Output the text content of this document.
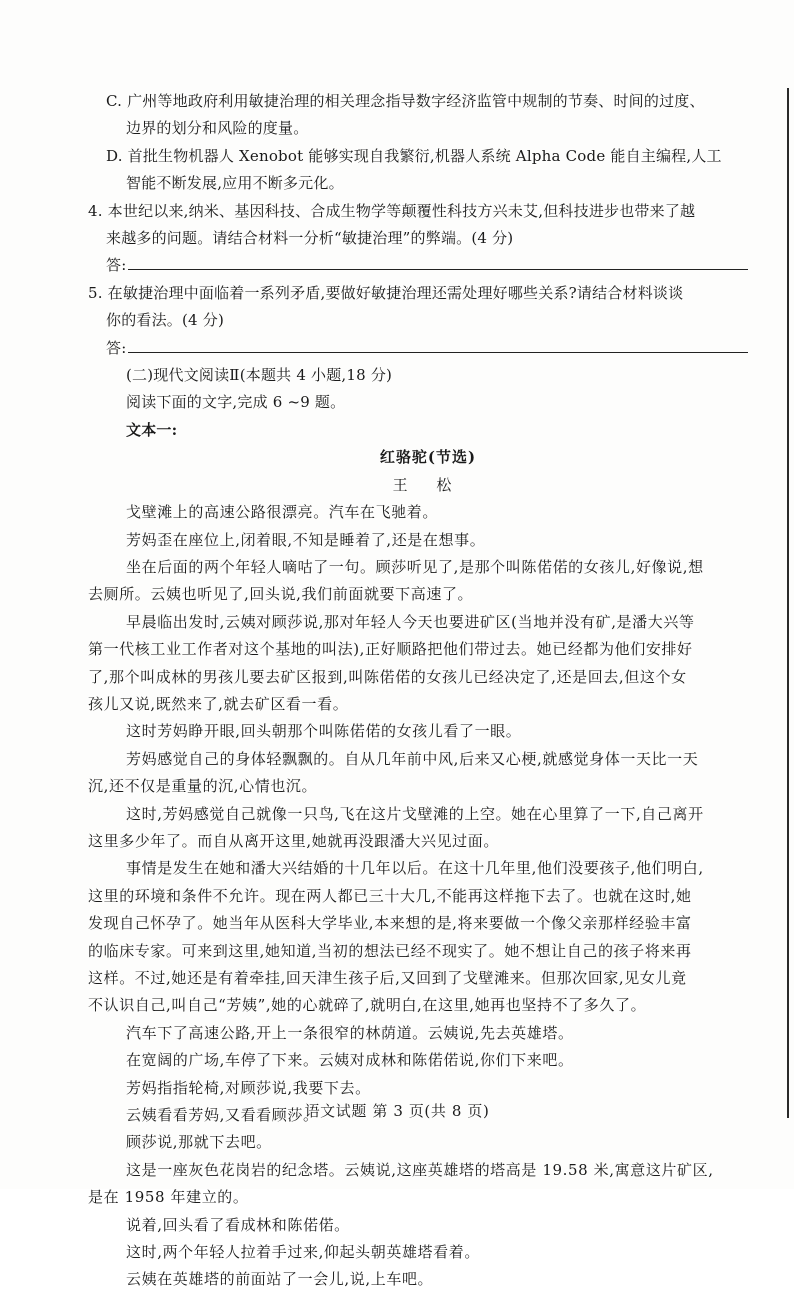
C. 广州等地政府利用敏捷治理的相关理念指导数字经济监管中规制的节奏、时间的过度、
边界的划分和风险的度量。
D. 首批生物机器人 Xenobot 能够实现自我繁衍,机器人系统 Alpha Code 能自主编程,人工
智能不断发展,应用不断多元化。
4. 本世纪以来,纳米、基因科技、合成生物学等颠覆性科技方兴未艾,但科技进步也带来了越
来越多的问题。请结合材料一分析“敏捷治理”的弊端。(4 分)
答:
5. 在敏捷治理中面临着一系列矛盾,要做好敏捷治理还需处理好哪些关系?请结合材料谈谈
你的看法。(4 分)
答:
(二)现代文阅读Ⅱ(本题共 4 小题,18 分)
阅读下面的文字,完成 6 ~9 题。
文本一:
红骆驼(节选)
王 松
戈壁滩上的高速公路很漂亮。汽车在飞驰着。
芳妈歪在座位上,闭着眼,不知是睡着了,还是在想事。
坐在后面的两个年轻人嘀咕了一句。顾莎听见了,是那个叫陈偌偌的女孩儿,好像说,想
去厕所。云姨也听见了,回头说,我们前面就要下高速了。
早晨临出发时,云姨对顾莎说,那对年轻人今天也要进矿区(当地并没有矿,是潘大兴等
第一代核工业工作者对这个基地的叫法),正好顺路把他们带过去。她已经都为他们安排好
了,那个叫成林的男孩儿要去矿区报到,叫陈偌偌的女孩儿已经决定了,还是回去,但这个女
孩儿又说,既然来了,就去矿区看一看。
这时芳妈睁开眼,回头朝那个叫陈偌偌的女孩儿看了一眼。
芳妈感觉自己的身体轻飘飘的。自从几年前中风,后来又心梗,就感觉身体一天比一天
沉,还不仅是重量的沉,心情也沉。
这时,芳妈感觉自己就像一只鸟,飞在这片戈壁滩的上空。她在心里算了一下,自己离开
这里多少年了。而自从离开这里,她就再没跟潘大兴见过面。
事情是发生在她和潘大兴结婚的十几年以后。在这十几年里,他们没要孩子,他们明白,
这里的环境和条件不允许。现在两人都已三十大几,不能再这样拖下去了。也就在这时,她
发现自己怀孕了。她当年从医科大学毕业,本来想的是,将来要做一个像父亲那样经验丰富
的临床专家。可来到这里,她知道,当初的想法已经不现实了。她不想让自己的孩子将来再
这样。不过,她还是有着牵挂,回天津生孩子后,又回到了戈壁滩来。但那次回家,见女儿竟
不认识自己,叫自己“芳姨”,她的心就碎了,就明白,在这里,她再也坚持不了多久了。
汽车下了高速公路,开上一条很窄的林荫道。云姨说,先去英雄塔。
在宽阔的广场,车停了下来。云姨对成林和陈偌偌说,你们下来吧。
芳妈指指轮椅,对顾莎说,我要下去。
云姨看看芳妈,又看看顾莎。
顾莎说,那就下去吧。
这是一座灰色花岗岩的纪念塔。云姨说,这座英雄塔的塔高是 19.58 米,寓意这片矿区,
是在 1958 年建立的。
说着,回头看了看成林和陈偌偌。
这时,两个年轻人拉着手过来,仰起头朝英雄塔看着。
云姨在英雄塔的前面站了一会儿,说,上车吧。
语文试题 第 3 页(共 8 页)
